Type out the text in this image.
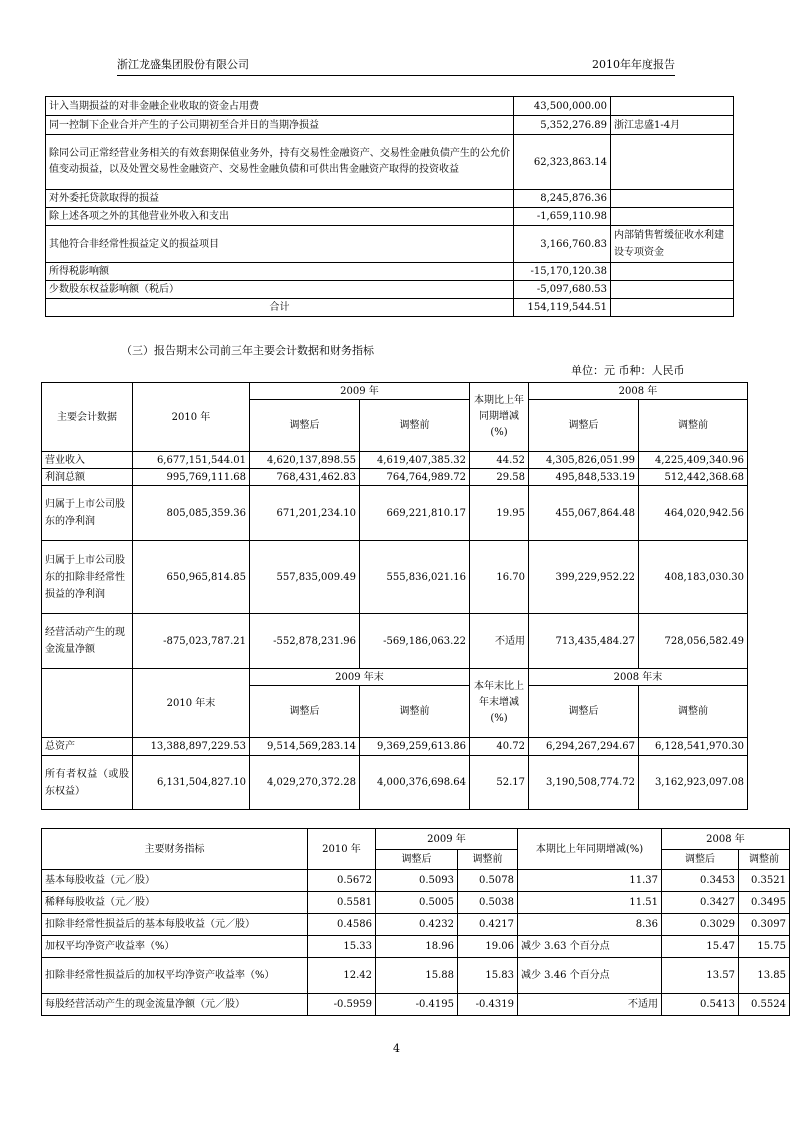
浙江龙盛集团股份有限公司	2010年年度报告
计入当期损益的对非金融企业收取的资金占用费	43,500,000.00	
同一控制下企业合并产生的子公司期初至合并日的当期净损益	5,352,276.89	浙江忠盛1-4月
除同公司正常经营业务相关的有效套期保值业务外，持有交易性金融资产、交易性金融负债产生的公允价值变动损益，以及处置交易性金融资产、交易性金融负债和可供出售金融资产取得的投资收益	62,323,863.14	
对外委托贷款取得的损益	8,245,876.36	
除上述各项之外的其他营业外收入和支出	-1,659,110.98	
其他符合非经常性损益定义的损益项目	3,166,760.83	内部销售暂缓征收水利建设专项资金
所得税影响额	-15,170,120.38	
少数股东权益影响额（税后）	-5,097,680.53	
合计	154,119,544.51	
（三）报告期末公司前三年主要会计数据和财务指标
单位：元 币种：人民币
主要会计数据	2010 年	2009 年		本期比上年同期增减(%)	2008 年	
		调整后	调整前		调整后	调整前

营业收入	6,677,151,544.01	4,620,137,898.55	4,619,407,385.32	44.52	4,305,826,051.99	4,225,409,340.96
利润总额	995,769,111.68	768,431,462.83	764,764,989.72	29.58	495,848,533.19	512,442,368.68
归属于上市公司股东的净利润	805,085,359.36	671,201,234.10	669,221,810.17	19.95	455,067,864.48	464,020,942.56
归属于上市公司股东的扣除非经常性损益的净利润	650,965,814.85	557,835,009.49	555,836,021.16	16.70	399,229,952.22	408,183,030.30
经营活动产生的现金流量净额	-875,023,787.21	-552,878,231.96	-569,186,063.22	不适用	713,435,484.27	728,056,582.49
	2010 年末	2009 年末		本年末比上年末增减(%)	2008 年末	
		调整后	调整前		调整后	调整前

总资产	13,388,897,229.53	9,514,569,283.14	9,369,259,613.86	40.72	6,294,267,294.67	6,128,541,970.30
所有者权益（或股东权益）	6,131,504,827.10	4,029,270,372.28	4,000,376,698.64	52.17	3,190,508,774.72	3,162,923,097.08
主要财务指标	2010 年	2009 年		本期比上年同期增减(%)	2008 年	
		调整后	调整前		调整后	调整前
基本每股收益（元／股）	0.5672	0.5093	0.5078	11.37	0.3453	0.3521
稀释每股收益（元／股）	0.5581	0.5005	0.5038	11.51	0.3427	0.3495
扣除非经常性损益后的基本每股收益（元／股）	0.4586	0.4232	0.4217	8.36	0.3029	0.3097
加权平均净资产收益率（%）	15.33	18.96	19.06	减少 3.63 个百分点	15.47	15.75
扣除非经常性损益后的加权平均净资产收益率（%）	12.42	15.88	15.83	减少 3.46 个百分点	13.57	13.85
每股经营活动产生的现金流量净额（元／股）	-0.5959	-0.4195	-0.4319	不适用	0.5413	0.5524
4
